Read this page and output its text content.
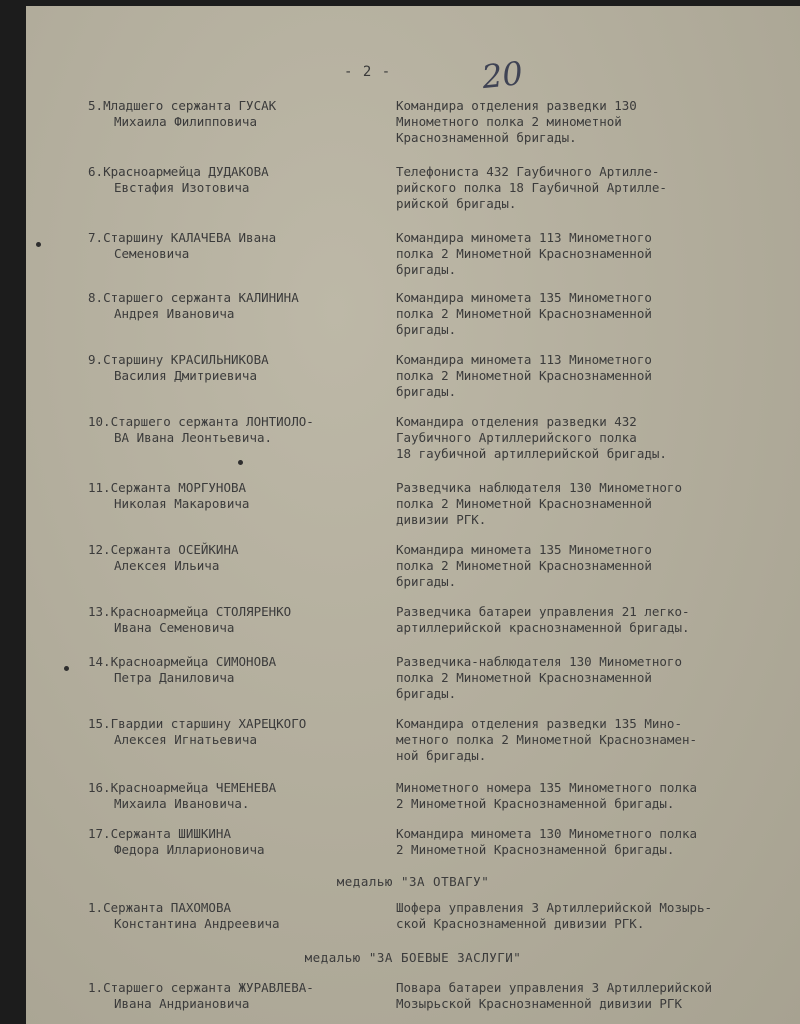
- 2 -	20
5.Младшего сержанта ГУСАК
Михаила Филипповича
Командира отделения разведки 130
Минометного полка 2 минометной
Краснознаменной бригады.
6.Красноармейца ДУДАКОВА
Евстафия Изотовича
Телефониста 432 Гаубичного Артилле-
рийского полка 18 Гаубичной Артилле-
рийской бригады.
7.Старшину КАЛАЧЕВА Ивана
Семеновича
Командира миномета 113 Минометного
полка 2 Минометной Краснознаменной
бригады.
8.Старшего сержанта КАЛИНИНА
Андрея Ивановича
Командира миномета 135 Минометного
полка 2 Минометной Краснознаменной
бригады.
9.Старшину КРАСИЛЬНИКОВА
Василия Дмитриевича
Командира миномета 113 Минометного
полка 2 Минометной Краснознаменной
бригады.
10.Старшего сержанта ЛОНТИОЛО-
ВА Ивана Леонтьевича.
Командира отделения разведки 432
Гаубичного Артиллерийского полка
18 гаубичной артиллерийской бригады.
11.Сержанта МОРГУНОВА
Николая Макаровича
Разведчика наблюдателя 130 Минометного
полка 2 Минометной Краснознаменной
дивизии РГК.
12.Сержанта ОСЕЙКИНА
Алексея Ильича
Командира миномета 135 Минометного
полка 2 Минометной Краснознаменной
бригады.
13.Красноармейца СТОЛЯРЕНКО
Ивана Семеновича
Разведчика батареи управления 21 легко-
артиллерийской краснознаменной бригады.
14.Красноармейца СИМОНОВА
Петра Даниловича
Разведчика-наблюдателя 130 Минометного
полка 2 Минометной Краснознаменной
бригады.
15.Гвардии старшину ХАРЕЦКОГО
Алексея Игнатьевича
Командира отделения разведки 135 Мино-
метного полка 2 Минометной Краснознамен-
ной бригады.
16.Красноармейца ЧЕМЕНЕВА
Михаила Ивановича.
Минометного номера 135 Минометного полка
2 Минометной Краснознаменной бригады.
17.Сержанта ШИШКИНА
Федора Илларионовича
Командира миномета 130 Минометного полка
2 Минометной Краснознаменной бригады.
медалью "ЗА ОТВАГУ"
1.Сержанта ПАХОМОВА
Константина Андреевича
Шофера управления 3 Артиллерийской Мозырь-
ской Краснознаменной дивизии РГК.
медалью "ЗА БОЕВЫЕ ЗАСЛУГИ"
1.Старшего сержанта ЖУРАВЛЕВА-
Ивана Андриановича
Повара батареи управления 3 Артиллерийской
Мозырьской Краснознаменной дивизии РГК
